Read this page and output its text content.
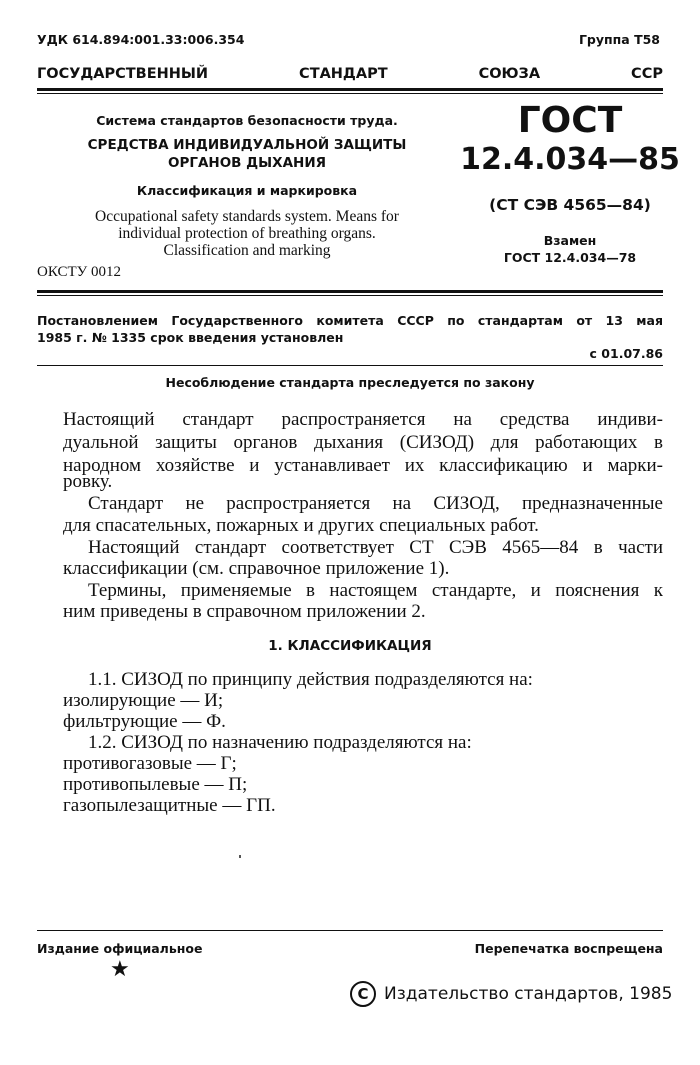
УДК 614.894:001.33:006.354	Группа Т58
ГОСУДАРСТВЕННЫЙ	СТАНДАРТ	СОЮЗА	ССР
Система стандартов безопасности труда.
СРЕДСТВА ИНДИВИДУАЛЬНОЙ ЗАЩИТЫ
ОРГАНОВ ДЫХАНИЯ
Классификация и маркировка
Occupational safety standards system. Means for
individual protection of breathing organs.
Classification and marking
ОКСТУ 0012
ГОСТ
12.4.034—85
(СТ СЭВ 4565—84)
Взамен
ГОСТ 12.4.034—78
Постановлением Государственного комитета СССР по стандартам от 13 мая
1985 г. № 1335 срок введения установлен
с 01.07.86
Несоблюдение стандарта преследуется по закону
Настоящий стандарт распространяется на средства индиви-
дуальной защиты органов дыхания (СИЗОД) для работающих в
народном хозяйстве и устанавливает их классификацию и марки-
ровку.
Стандарт не распространяется на СИЗОД, предназначенные
для спасательных, пожарных и других специальных работ.
Настоящий стандарт соответствует СТ СЭВ 4565—84 в части
классификации (см. справочное приложение 1).
Термины, применяемые в настоящем стандарте, и пояснения к
ним приведены в справочном приложении 2.
1. КЛАССИФИКАЦИЯ
1.1. СИЗОД по принципу действия подразделяются на:
изолирующие — И;
фильтрующие — Ф.
1.2. СИЗОД по назначению подразделяются на:
противогазовые — Г;
противопылевые — П;
газопылезащитные — ГП.
Издание официальное	Перепечатка воспрещена
★
C Издательство стандартов, 1985
